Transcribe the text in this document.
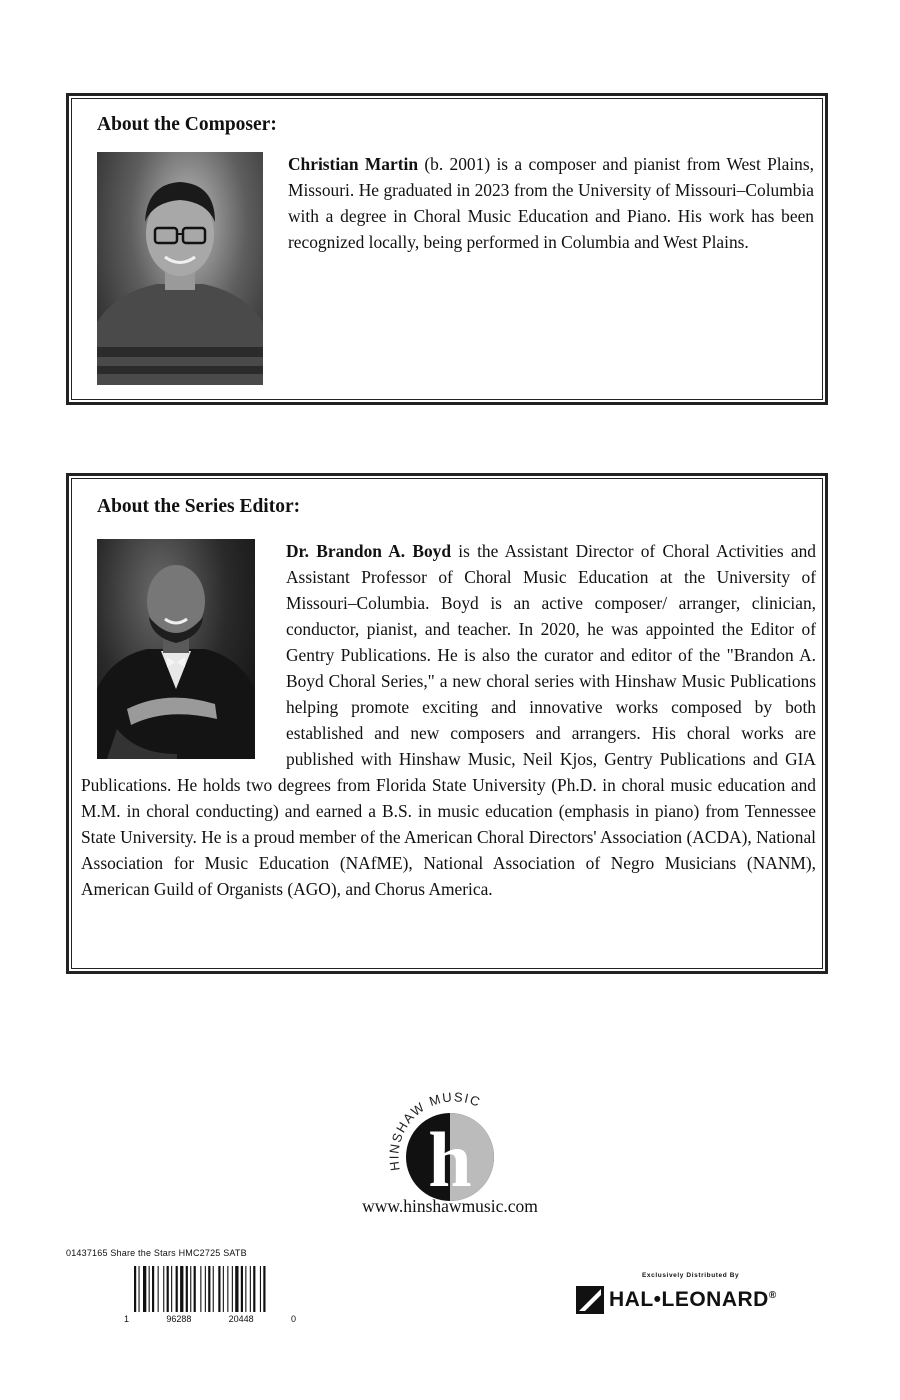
About the Composer:

Christian Martin (b. 2001) is a composer and pianist from West Plains, Missouri. He graduated in 2023 from the University of Missouri–Columbia with a degree in Choral Music Education and Piano. His work has been recognized locally, being performed in Columbia and West Plains.

About the Series Editor:

Dr. Brandon A. Boyd is the Assistant Director of Choral Activities and Assistant Professor of Choral Music Education at the University of Missouri–Columbia. Boyd is an active composer/ arranger, clinician, conductor, pianist, and teacher. In 2020, he was appointed the Editor of Gentry Publications. He is also the curator and editor of the "Brandon A. Boyd Choral Series," a new choral series with Hinshaw Music Publications helping promote exciting and innovative works composed by both established and new composers and arrangers. His choral works are published with Hinshaw Music, Neil Kjos, Gentry Publications and GIA Publications. He holds two degrees from Florida State University (Ph.D. in choral music education and M.M. in choral conducting) and earned a B.S. in music education (emphasis in piano) from Tennessee State University. He is a proud member of the American Choral Directors' Association (ACDA), National Association for Music Education (NAfME), National Association of Negro Musicians (NANM), American Guild of Organists (AGO), and Chorus America.

HINSHAW MUSIC
h

www.hinshawmusic.com

01437165 Share the Stars HMC2725 SATB

1	96288	20448	0

Exclusively Distributed By

HAL•LEONARD®
